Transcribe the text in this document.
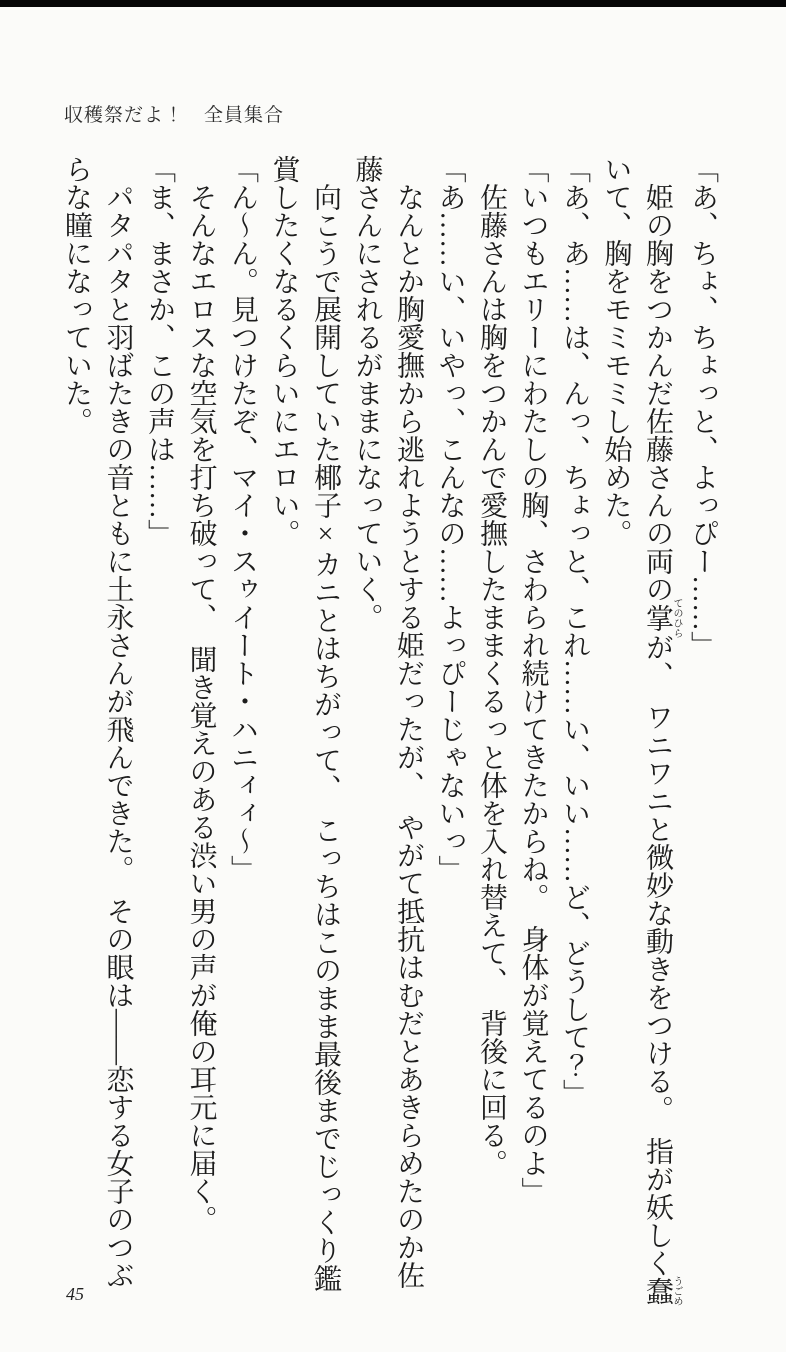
収穫祭だよ！　全員集合

「あ、ちょ、ちょっと、よっぴー……」

　姫の胸をつかんだ佐藤さんの両の掌てのひらが、　ワニワニと微妙な動きをつける。　指が妖しく蠢うごめいて、胸をモミモミし始めた。

「あ、あ……は、んっ、ちょっと、これ……い、いい……ど、どうして？」

「いつもエリーにわたしの胸、さわられ続けてきたからね。　身体が覚えてるのよ」

　佐藤さんは胸をつかんで愛撫したままくるっと体を入れ替えて、　背後に回る。

「あ……い、いやっ、こんなの……よっぴーじゃないっ」

　なんとか胸愛撫から逃れようとする姫だったが、　やがて抵抗はむだとあきらめたのか佐藤さんにされるがままになっていく。

　向こうで展開していた椰子×カニとはちがって、　こっちはこのまま最後までじっくり鑑賞したくなるくらいにエロい。

「ん〜ん。見つけたぞ、マイ・スゥイート・ハニィィ〜」

　そんなエロスな空気を打ち破って、　聞き覚えのある渋い男の声が俺の耳元に届く。

「ま、まさか、この声は……」

　パタパタと羽ばたきの音ともに土永さんが飛んできた。　その眼は――恋する女子のつぶらな瞳になっていた。

45
